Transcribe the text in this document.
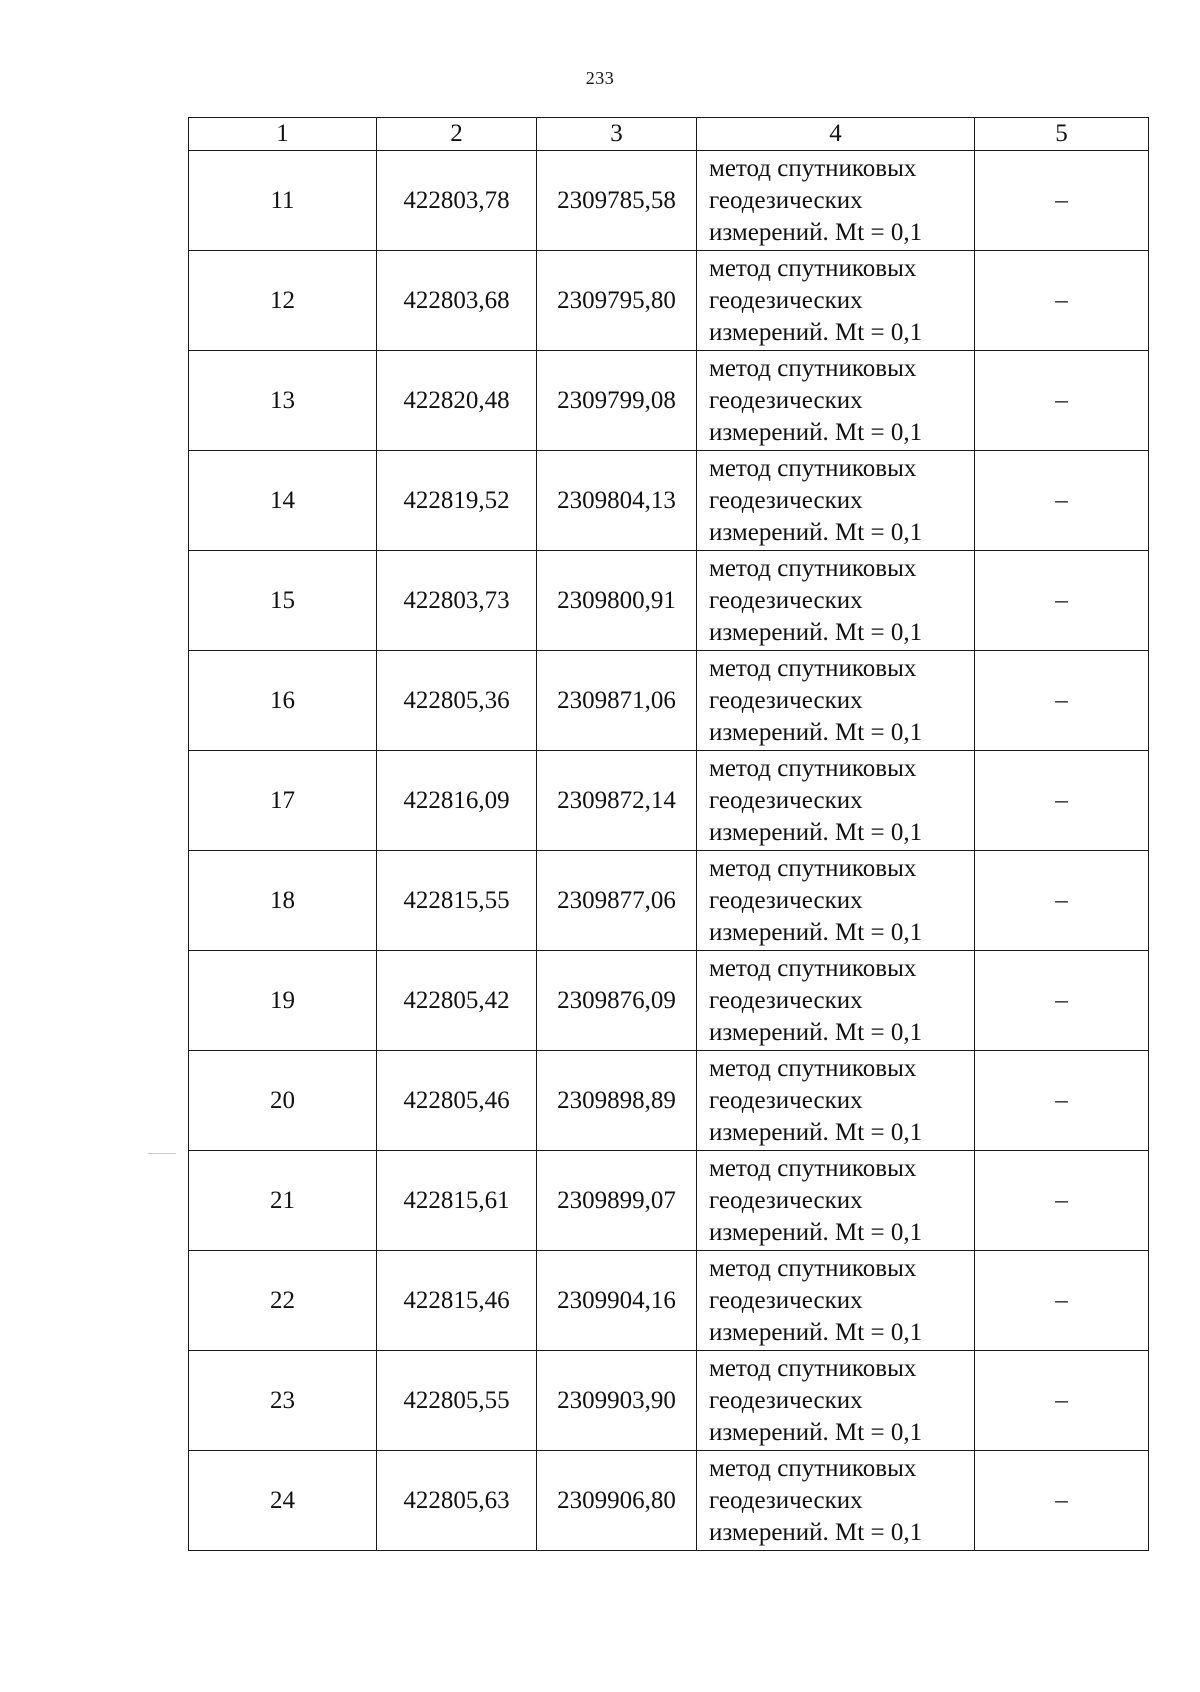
233
1	2	3	4	5
11	422803,78	2309785,58	метод спутниковых
геодезических
измерений. Mt = 0,1	–
12	422803,68	2309795,80	метод спутниковых
геодезических
измерений. Mt = 0,1	–
13	422820,48	2309799,08	метод спутниковых
геодезических
измерений. Mt = 0,1	–
14	422819,52	2309804,13	метод спутниковых
геодезических
измерений. Mt = 0,1	–
15	422803,73	2309800,91	метод спутниковых
геодезических
измерений. Mt = 0,1	–
16	422805,36	2309871,06	метод спутниковых
геодезических
измерений. Mt = 0,1	–
17	422816,09	2309872,14	метод спутниковых
геодезических
измерений. Mt = 0,1	–
18	422815,55	2309877,06	метод спутниковых
геодезических
измерений. Mt = 0,1	–
19	422805,42	2309876,09	метод спутниковых
геодезических
измерений. Mt = 0,1	–
20	422805,46	2309898,89	метод спутниковых
геодезических
измерений. Mt = 0,1	–
21	422815,61	2309899,07	метод спутниковых
геодезических
измерений. Mt = 0,1	–
22	422815,46	2309904,16	метод спутниковых
геодезических
измерений. Mt = 0,1	–
23	422805,55	2309903,90	метод спутниковых
геодезических
измерений. Mt = 0,1	–
24	422805,63	2309906,80	метод спутниковых
геодезических
измерений. Mt = 0,1	–
